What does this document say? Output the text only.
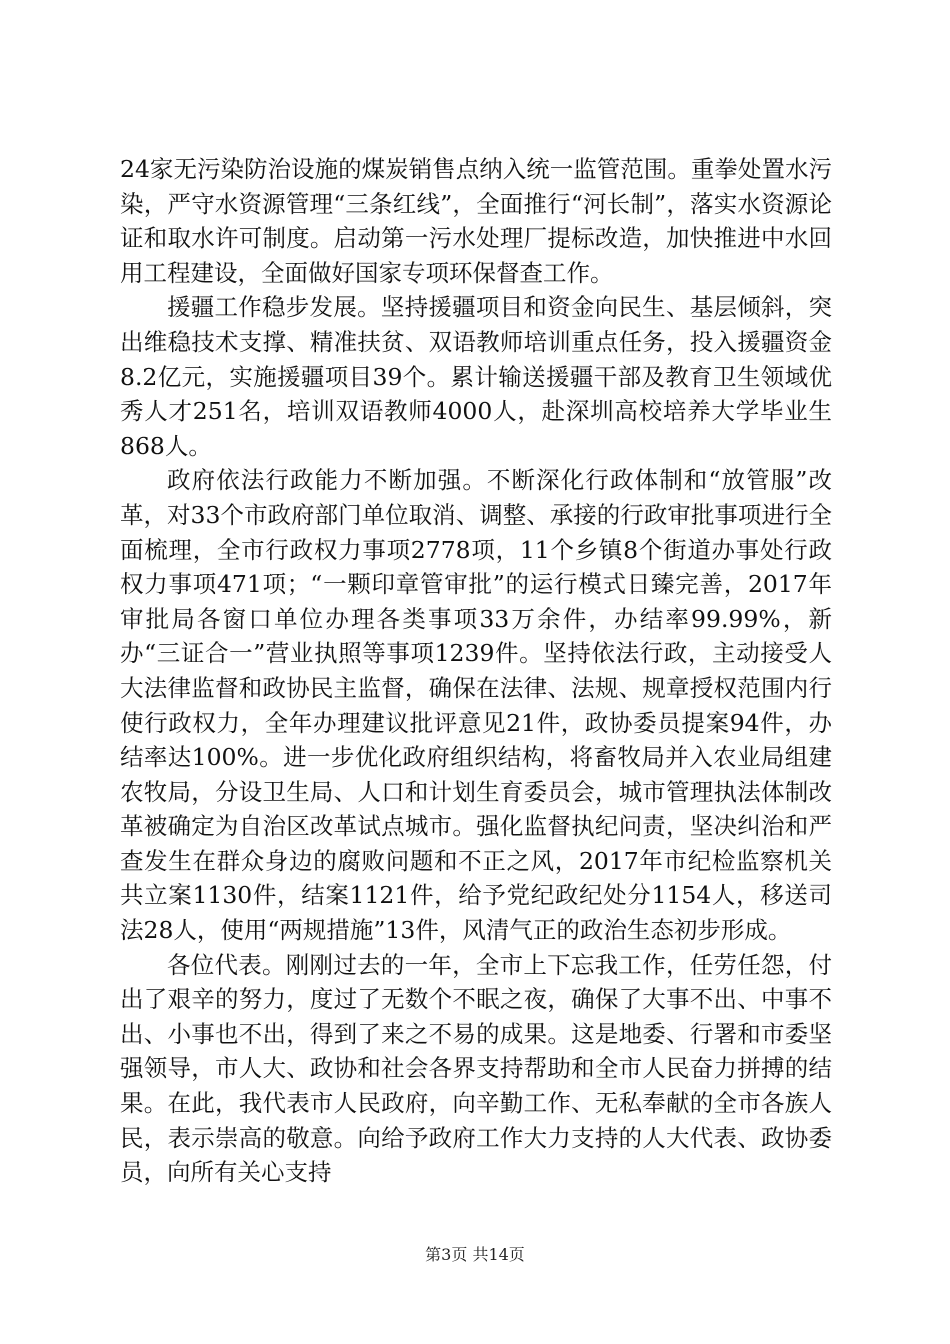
24家无污染防治设施的煤炭销售点纳入统一监管范围。重拳处置水污染，严守水资源管理“三条红线”，全面推行“河长制”，落实水资源论证和取水许可制度。启动第一污水处理厂提标改造，加快推进中水回用工程建设，全面做好国家专项环保督查工作。

援疆工作稳步发展。坚持援疆项目和资金向民生、基层倾斜，突出维稳技术支撑、精准扶贫、双语教师培训重点任务，投入援疆资金8.2亿元，实施援疆项目39个。累计输送援疆干部及教育卫生领域优秀人才251名，培训双语教师4000人，赴深圳高校培养大学毕业生868人。

政府依法行政能力不断加强。不断深化行政体制和“放管服”改革，对33个市政府部门单位取消、调整、承接的行政审批事项进行全面梳理，全市行政权力事项2778项，11个乡镇8个街道办事处行政权力事项471项；“一颗印章管审批”的运行模式日臻完善，2017年审批局各窗口单位办理各类事项33万余件，办结率99.99%，新办“三证合一”营业执照等事项1239件。坚持依法行政，主动接受人大法律监督和政协民主监督，确保在法律、法规、规章授权范围内行使行政权力，全年办理建议批评意见21件，政协委员提案94件，办结率达100%。进一步优化政府组织结构，将畜牧局并入农业局组建农牧局，分设卫生局、人口和计划生育委员会，城市管理执法体制改革被确定为自治区改革试点城市。强化监督执纪问责，坚决纠治和严查发生在群众身边的腐败问题和不正之风，2017年市纪检监察机关共立案1130件，结案1121件，给予党纪政纪处分1154人，移送司法28人，使用“两规措施”13件，风清气正的政治生态初步形成。

各位代表。刚刚过去的一年，全市上下忘我工作，任劳任怨，付出了艰辛的努力，度过了无数个不眠之夜，确保了大事不出、中事不出、小事也不出，得到了来之不易的成果。这是地委、行署和市委坚强领导，市人大、政协和社会各界支持帮助和全市人民奋力拼搏的结果。在此，我代表市人民政府，向辛勤工作、无私奉献的全市各族人民，表示崇高的敬意。向给予政府工作大力支持的人大代表、政协委员，向所有关心支持

第3页 共14页
